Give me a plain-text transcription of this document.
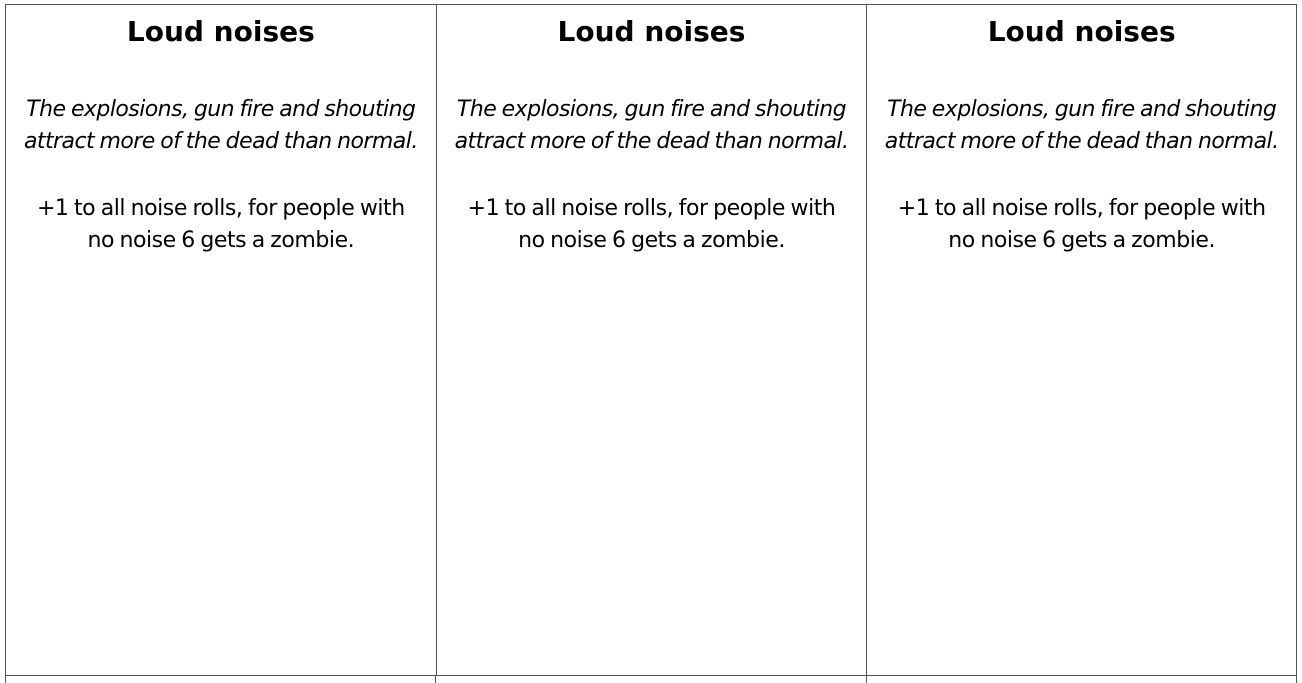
Loud noises
The explosions, gun fire and shouting
attract more of the dead than normal.
+1 to all noise rolls, for people with
no noise 6 gets a zombie.
Loud noises
The explosions, gun fire and shouting
attract more of the dead than normal.
+1 to all noise rolls, for people with
no noise 6 gets a zombie.
Loud noises
The explosions, gun fire and shouting
attract more of the dead than normal.
+1 to all noise rolls, for people with
no noise 6 gets a zombie.
